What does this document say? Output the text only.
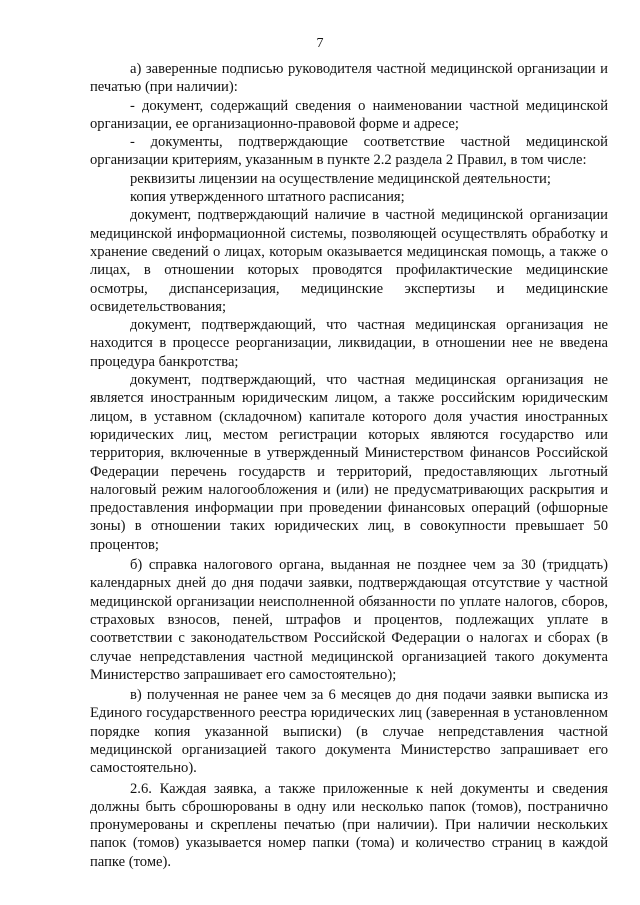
7

а) заверенные подписью руководителя частной медицинской организации и печатью (при наличии):

- документ, содержащий сведения о наименовании частной медицинской организации, ее организационно-правовой форме и адресе;

- документы, подтверждающие соответствие частной медицинской организации критериям, указанным в пункте 2.2 раздела 2 Правил, в том числе:

реквизиты лицензии на осуществление медицинской деятельности;

копия утвержденного штатного расписания;

документ, подтверждающий наличие в частной медицинской организации медицинской информационной системы, позволяющей осуществлять обработку и хранение сведений о лицах, которым оказывается медицинская помощь, а также о лицах, в отношении которых проводятся профилактические медицинские осмотры, диспансеризация, медицинские экспертизы и медицинские освидетельствования;

документ, подтверждающий, что частная медицинская организация не находится в процессе реорганизации, ликвидации, в отношении нее не введена процедура банкротства;

документ, подтверждающий, что частная медицинская организация не является иностранным юридическим лицом, а также российским юридическим лицом, в уставном (складочном) капитале которого доля участия иностранных юридических лиц, местом регистрации которых являются государство или территория, включенные в утвержденный Министерством финансов Российской Федерации перечень государств и территорий, предоставляющих льготный налоговый режим налогообложения и (или) не предусматривающих раскрытия и предоставления информации при проведении финансовых операций (офшорные зоны) в отношении таких юридических лиц, в совокупности превышает 50 процентов;

б) справка налогового органа, выданная не позднее чем за 30 (тридцать) календарных дней до дня подачи заявки, подтверждающая отсутствие у частной медицинской организации неисполненной обязанности по уплате налогов, сборов, страховых взносов, пеней, штрафов и процентов, подлежащих уплате в соответствии с законодательством Российской Федерации о налогах и сборах (в случае непредставления частной медицинской организацией такого документа Министерство запрашивает его самостоятельно);

в) полученная не ранее чем за 6 месяцев до дня подачи заявки выписка из Единого государственного реестра юридических лиц (заверенная в установленном порядке копия указанной выписки) (в случае непредставления частной медицинской организацией такого документа Министерство запрашивает его самостоятельно).

2.6. Каждая заявка, а также приложенные к ней документы и сведения должны быть сброшюрованы в одну или несколько папок (томов), постранично пронумерованы и скреплены печатью (при наличии). При наличии нескольких папок (томов) указывается номер папки (тома) и количество страниц в каждой папке (томе).
